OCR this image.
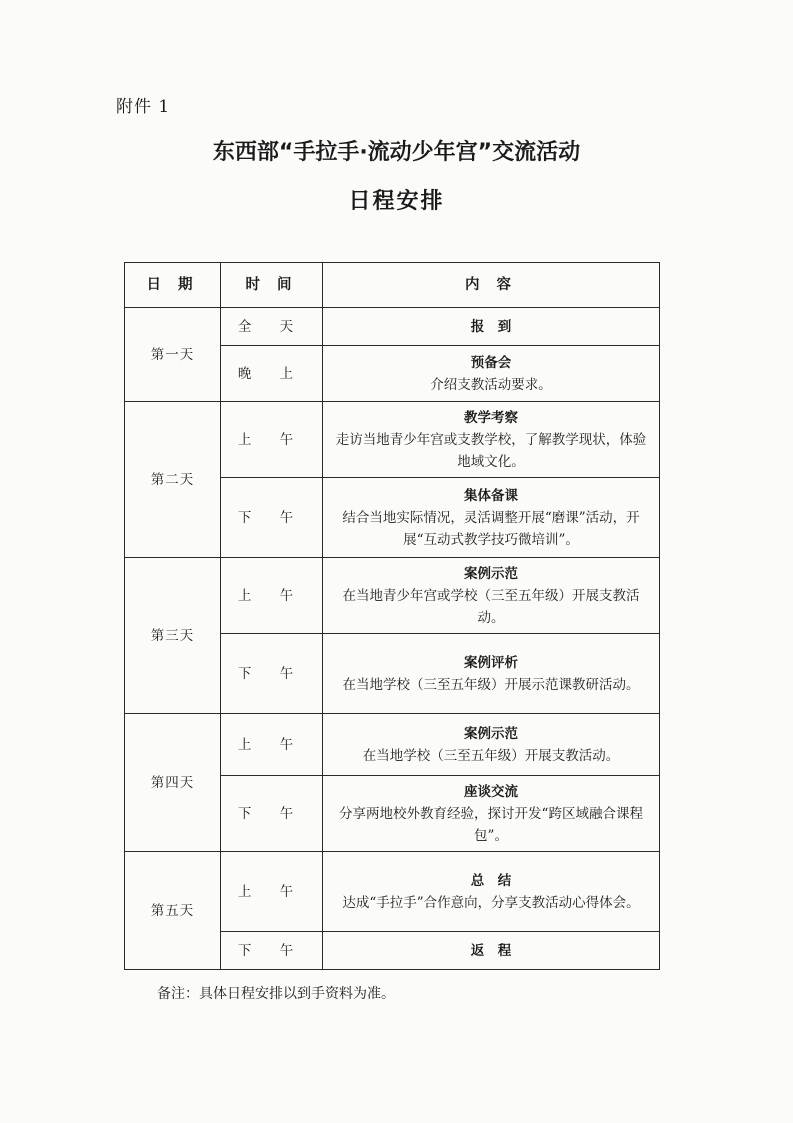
附件 1
东西部“手拉手·流动少年宫”交流活动
日程安排
日 期	时 间	内 容
第一天	全 天	报　到

	晚 上	预备会
介绍支教活动要求。

第二天	上 午	教学考察
走访当地青少年宫或支教学校，了解教学现状，体验地域文化。

	下 午	集体备课
结合当地实际情况，灵活调整开展“磨课”活动，开展“互动式教学技巧微培训”。

第三天	上 午	案例示范
在当地青少年宫或学校（三至五年级）开展支教活动。

	下 午	案例评析
在当地学校（三至五年级）开展示范课教研活动。

第四天	上 午	案例示范
在当地学校（三至五年级）开展支教活动。

	下 午	座谈交流
分享两地校外教育经验，探讨开发“跨区域融合课程包”。

第五天	上 午	总　结
达成“手拉手”合作意向，分享支教活动心得体会。

	下 午	返　程
备注：具体日程安排以到手资料为准。
